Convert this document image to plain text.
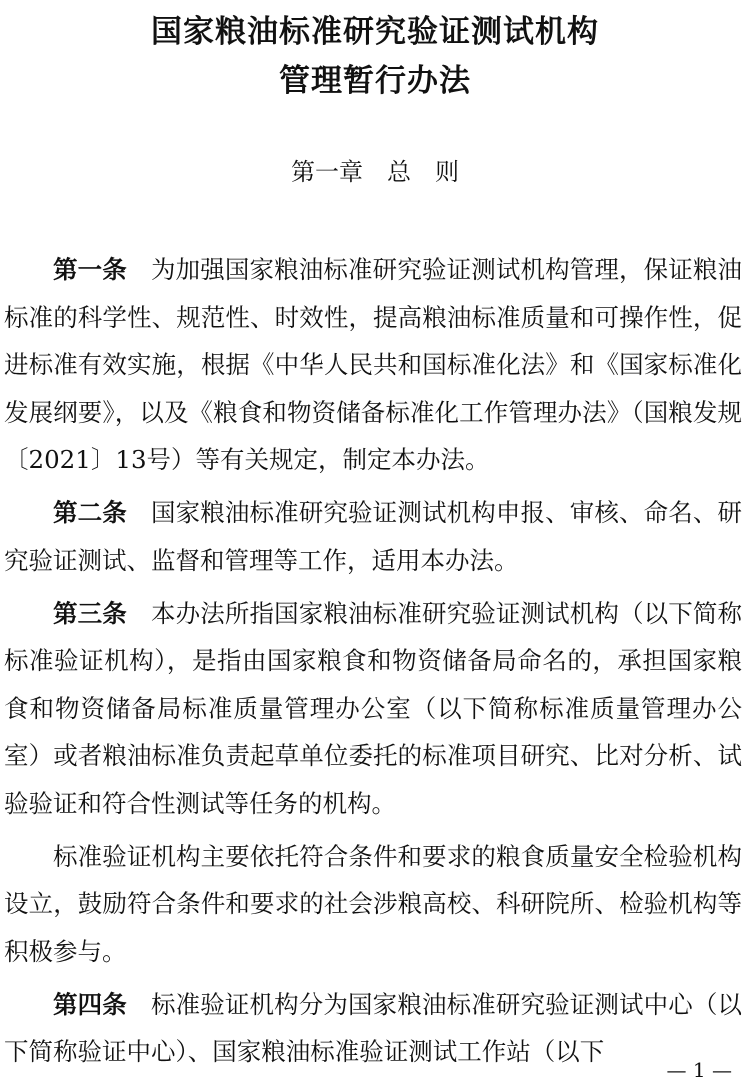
国家粮油标准研究验证测试机构
管理暂行办法
第一章　总　则

第一条 为加强国家粮油标准研究验证测试机构管理，保证粮油标准的科学性、规范性、时效性，提高粮油标准质量和可操作性，促进标准有效实施，根据《中华人民共和国标准化法》和《国家标准化发展纲要》，以及《粮食和物资储备标准化工作管理办法》（国粮发规〔2021〕13号）等有关规定，制定本办法。

第二条 国家粮油标准研究验证测试机构申报、审核、命名、研究验证测试、监督和管理等工作，适用本办法。

第三条 本办法所指国家粮油标准研究验证测试机构（以下简称标准验证机构），是指由国家粮食和物资储备局命名的，承担国家粮食和物资储备局标准质量管理办公室（以下简称标准质量管理办公室）或者粮油标准负责起草单位委托的标准项目研究、比对分析、试验验证和符合性测试等任务的机构。

标准验证机构主要依托符合条件和要求的粮食质量安全检验机构设立，鼓励符合条件和要求的社会涉粮高校、科研院所、检验机构等积极参与。

第四条 标准验证机构分为国家粮油标准研究验证测试中心（以下简称验证中心）、国家粮油标准验证测试工作站（以下

— 1 —
